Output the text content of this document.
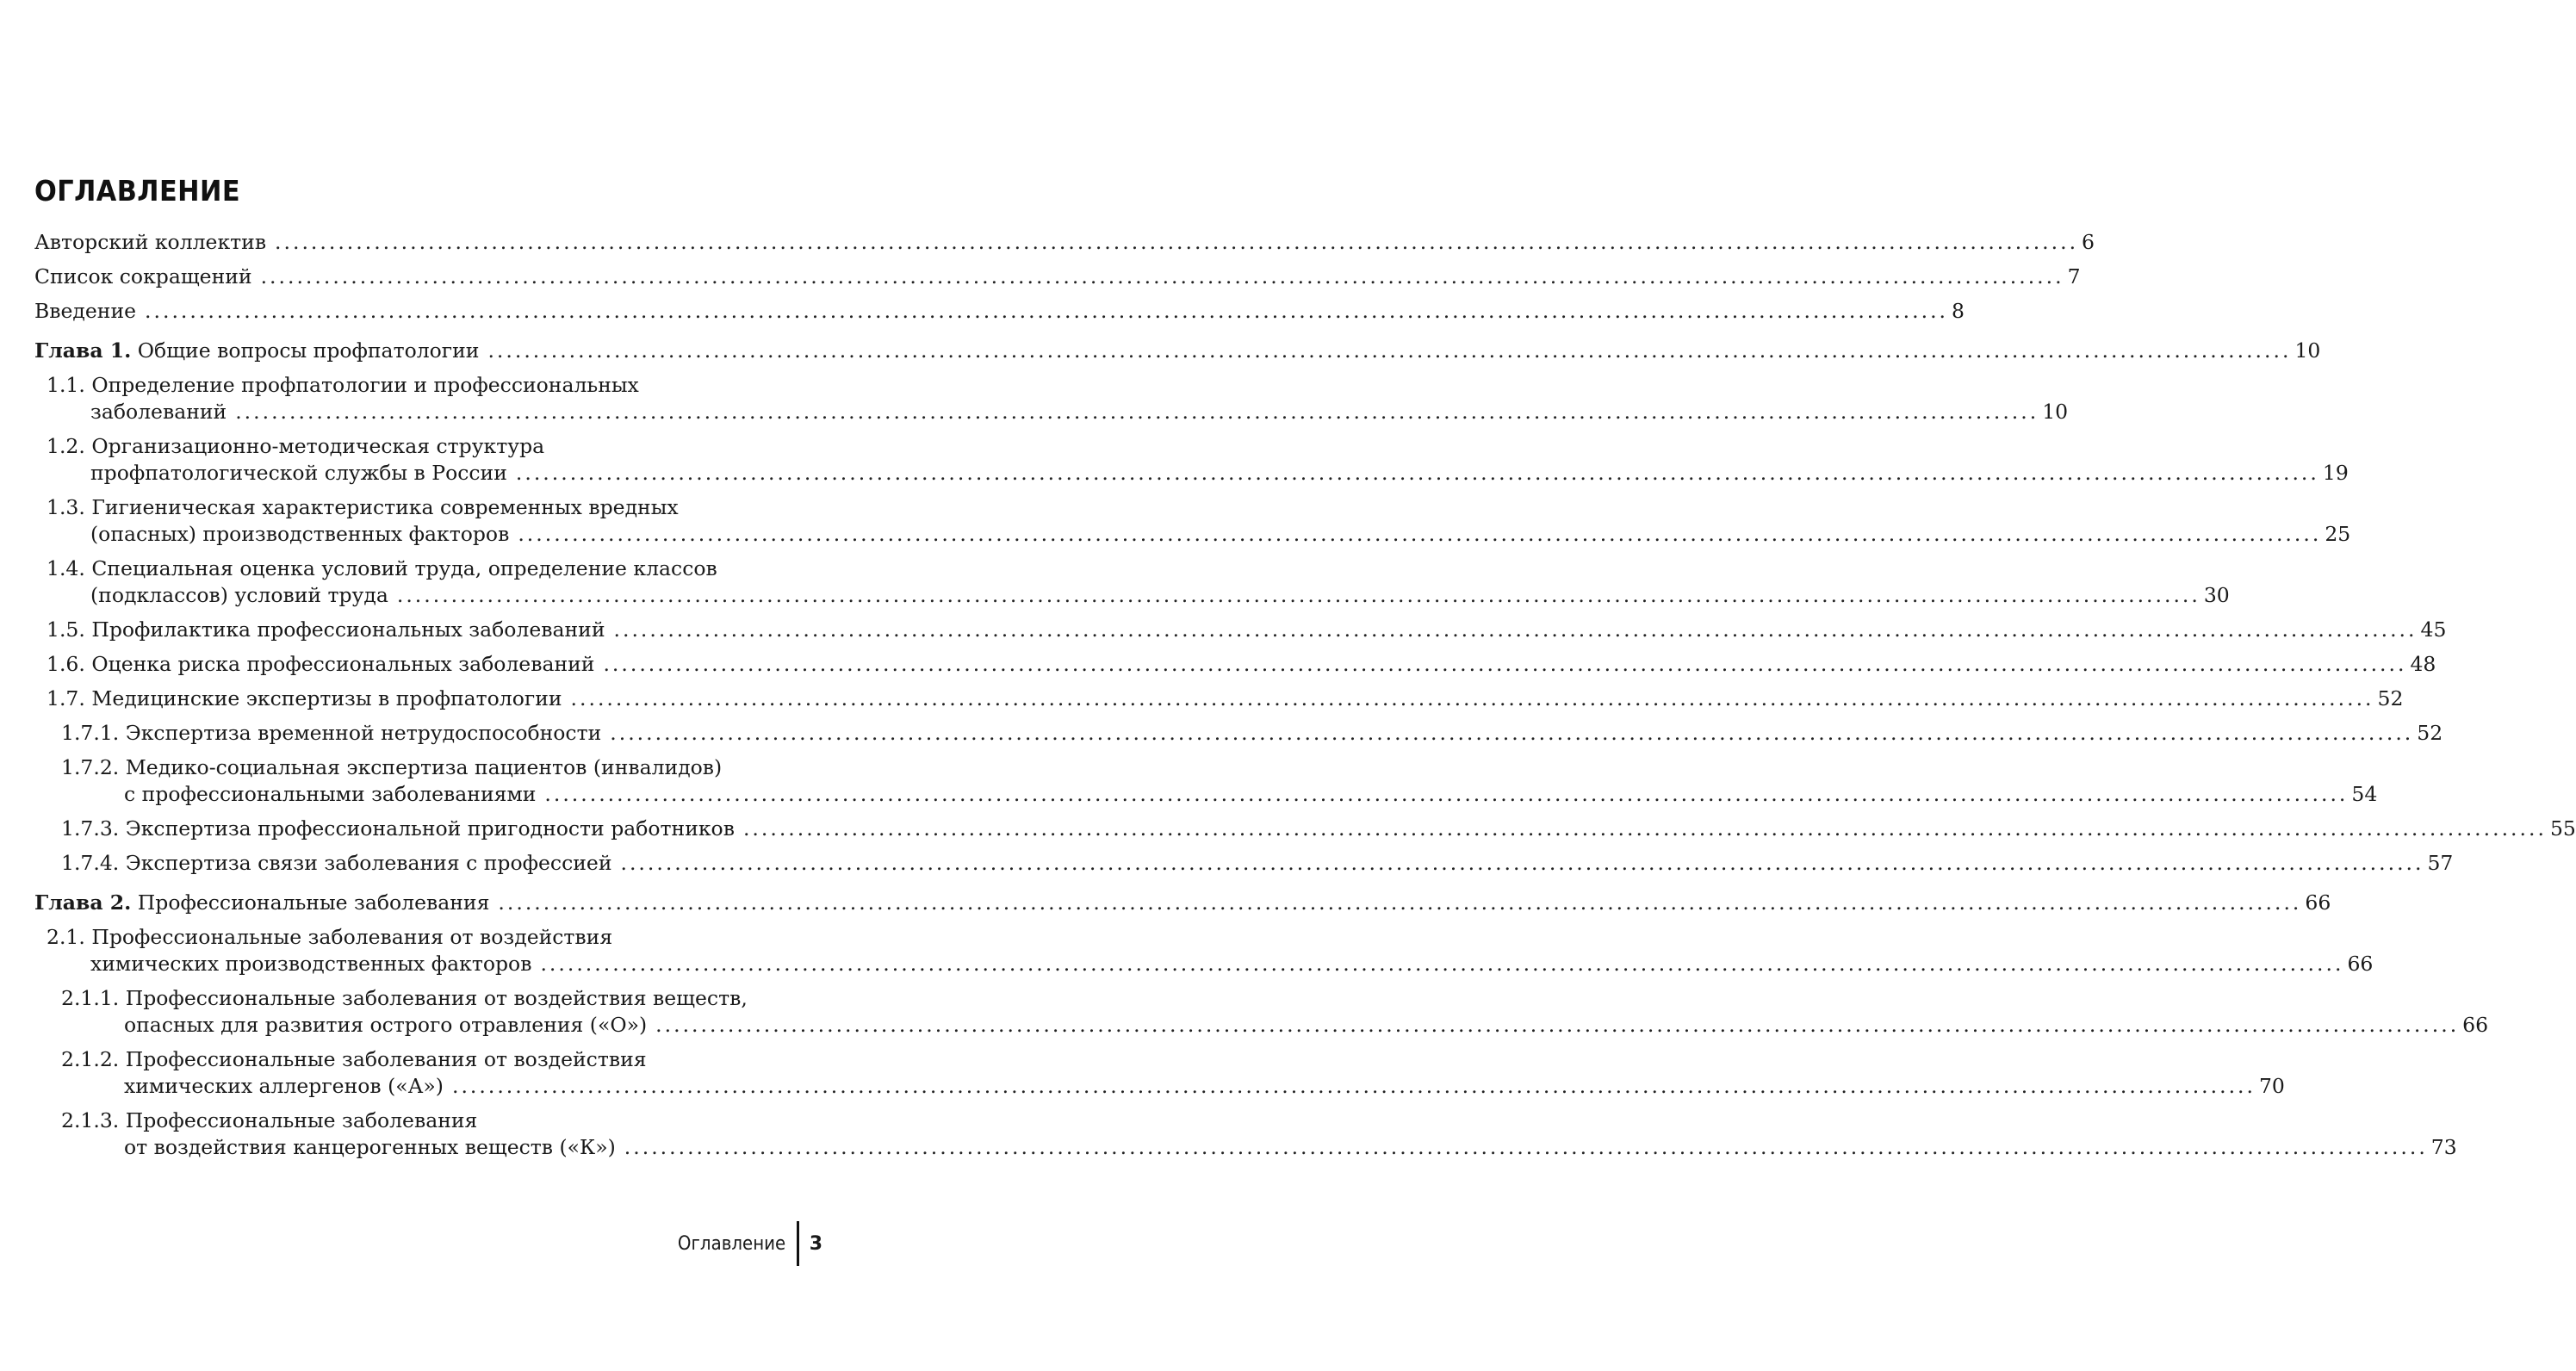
ОГЛАВЛЕНИЕ
Авторский коллектив ........................................................................................................................................................................................................ 6
Список сокращений ........................................................................................................................................................................................................ 7
Введение ........................................................................................................................................................................................................ 8
Глава 1. Общие вопросы профпатологии ........................................................................................................................................................................................................ 10
1.1. Определение профпатологии и профессиональных
заболеваний ........................................................................................................................................................................................................ 10
1.2. Организационно-методическая структура
профпатологической службы в России ........................................................................................................................................................................................................ 19
1.3. Гигиеническая характеристика современных вредных
(опасных) производственных факторов ........................................................................................................................................................................................................ 25
1.4. Специальная оценка условий труда, определение классов
(подклассов) условий труда ........................................................................................................................................................................................................ 30
1.5. Профилактика профессиональных заболеваний ........................................................................................................................................................................................................ 45
1.6. Оценка риска профессиональных заболеваний ........................................................................................................................................................................................................ 48
1.7. Медицинские экспертизы в профпатологии ........................................................................................................................................................................................................ 52
1.7.1. Экспертиза временной нетрудоспособности ........................................................................................................................................................................................................ 52
1.7.2. Медико-социальная экспертиза пациентов (инвалидов)
с профессиональными заболеваниями ........................................................................................................................................................................................................ 54
1.7.3. Экспертиза профессиональной пригодности работников ........................................................................................................................................................................................................ 55
1.7.4. Экспертиза связи заболевания с профессией ........................................................................................................................................................................................................ 57
Глава 2. Профессиональные заболевания ........................................................................................................................................................................................................ 66
2.1. Профессиональные заболевания от воздействия
химических производственных факторов ........................................................................................................................................................................................................ 66
2.1.1. Профессиональные заболевания от воздействия веществ,
опасных для развития острого отравления («О») ........................................................................................................................................................................................................ 66
2.1.2. Профессиональные заболевания от воздействия
химических аллергенов («А») ........................................................................................................................................................................................................ 70
2.1.3. Профессиональные заболевания
от воздействия канцерогенных веществ («К») ........................................................................................................................................................................................................ 73
Оглавление 3
